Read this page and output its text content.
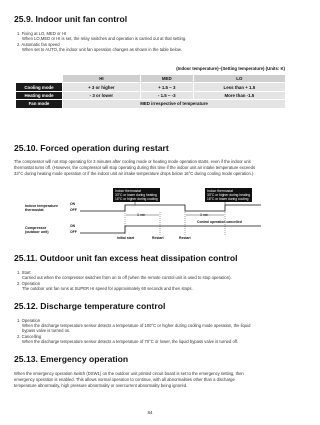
25.9. Indoor unit fan control
1. Fixing at LO, MED or HI
When LO,MED or HI is set, the relay switches and operation is carried out at that setting.
2. Automatic fan speed
When set to AUTO, the indoor unit fan operation changes as shown in the table below.
(Indoor temperature)−(Setting temperature) (Units: K)
	HI	MED	LO
Cooling mode	+ 3 or higher	+ 1.5 ~ 3	Less than + 1.5
Heating mode	- 3 or lower	- 1.5 ~ -3	More than -1.5
Fan mode	MED irrespective of temperature		
25.10. Forced operation during restart
The compressor will not stop operating for 3 minutes after cooling mode or heating mode operation starts, even if the indoor unit
thermostat turns off. (However, the compressor will stop operating during this time if the indoor unit air intake temperature exceeds
33°C during heating mode operation or if the indoor unit air intake temperature drops below 16°C during cooling mode operation.)
Indoor thermostat
33°C or lower during heating
16°C or higher during cooling
Indoor thermostat
33°C or higher during heating
16°C or lower during cooling
Indoor temperature
thermostat
Compressor
(outdoor unit)
ON
OFF
ON
OFF
3 min	3 min
Control operation cancelled
Initial start	Restart	Restart
25.11. Outdoor unit fan excess heat dissipation control
1. Start
Carried out when the compressor switches from on to off (when the remote control unit is used to stop operation).
2. Operation
The outdoor unit fan runs at SUPER HI speed for approximately 60 seconds and then stops.
25.12. Discharge temperature control
1. Operation
When the discharge temperature sensor detects a temperature of 100°C or higher during cooling mode operation, the liquid
bypass valve is turned on.
2. Cancelling
When the discharge temperature sensor detects a temperature of 70°C or lower, the liquid bypass valve is turned off.
25.13. Emergency operation
When the emergency operation switch (DSW1) on the outdoor unit printed circuit board is set to the emergency setting, then
emergency operation is enabled. This allows normal operation to continue, with all abnormalities other than a discharge
temperature abnormality, high pressure abnormality or overcurrent abnormality being ignored.
84
